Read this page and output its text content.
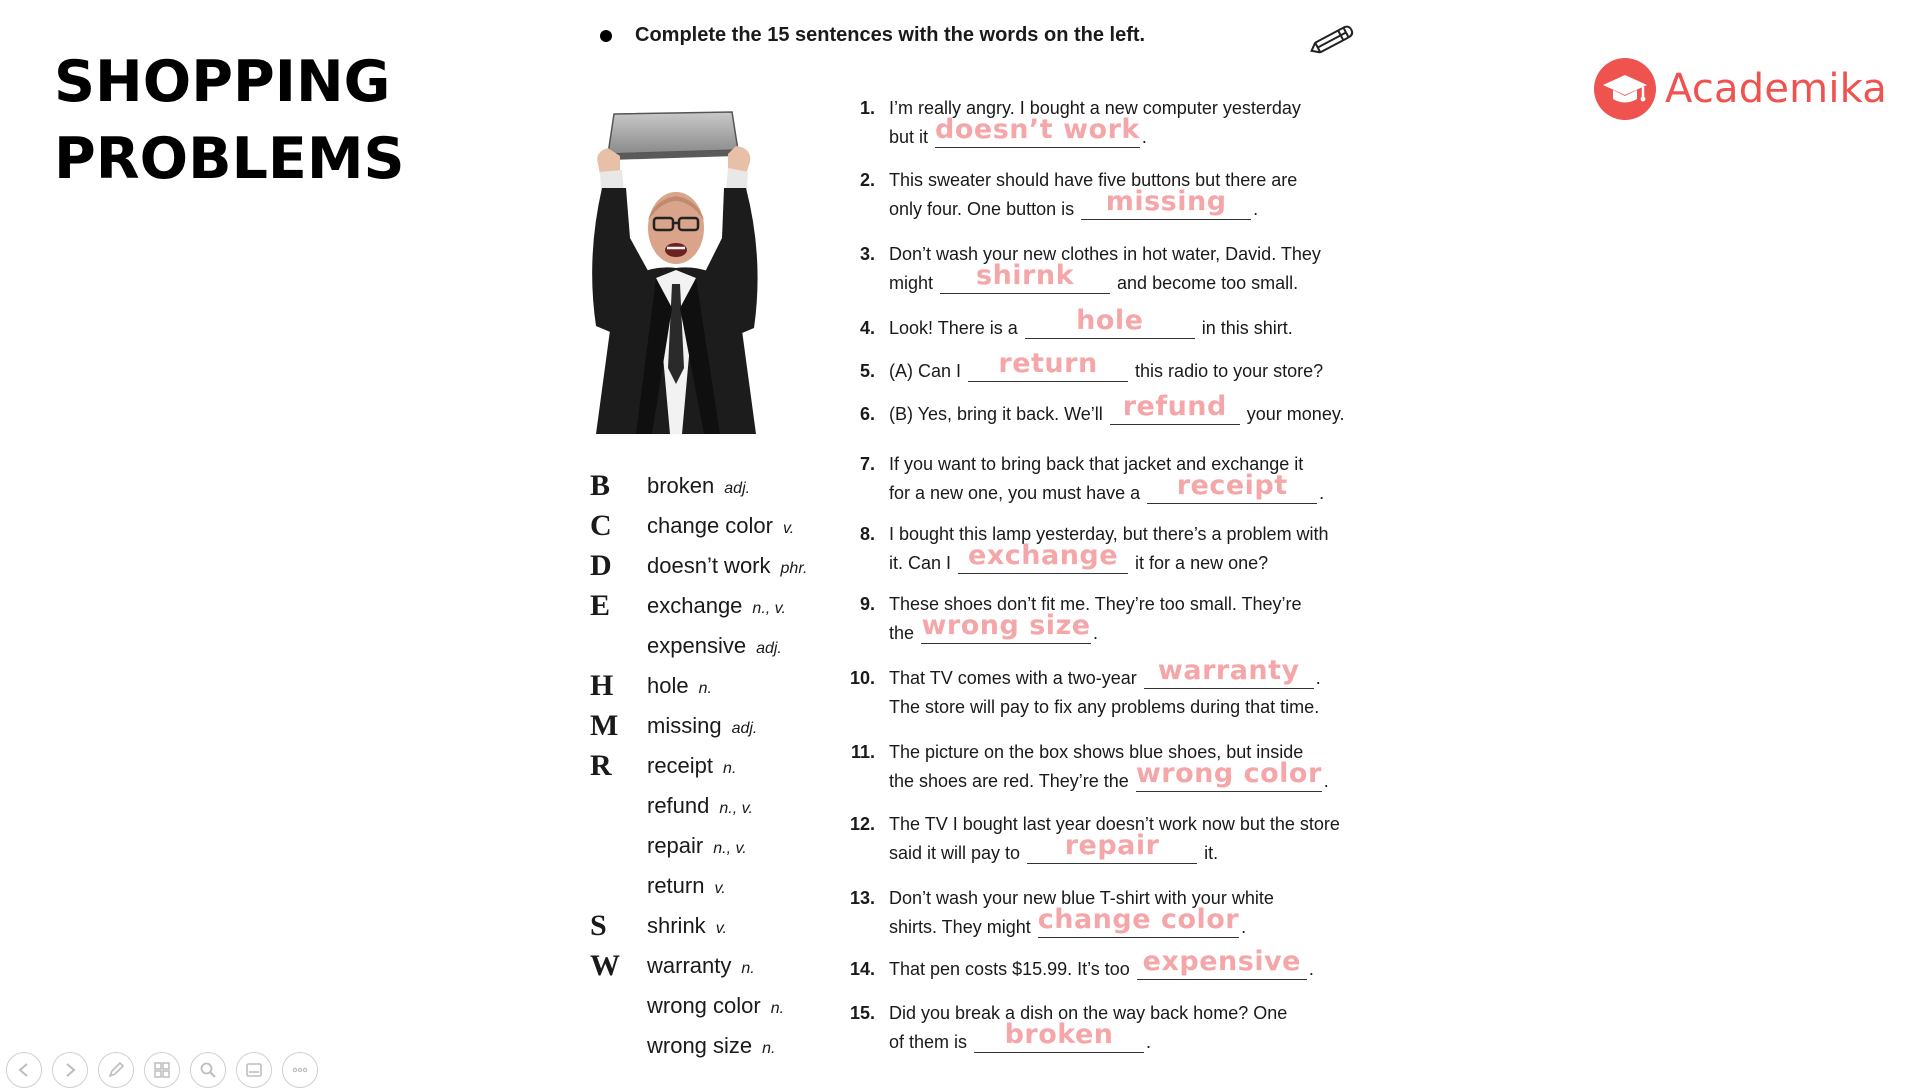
SHOPPING
PROBLEMS
Academika
Complete the 15 sentences with the words on the left.
B	broken adj.
C	change color v.
D	doesn’t work phr.
E	exchange n., v.
expensive adj.
H	hole n.
M missing adj.
R	receipt n.
refund n., v.
repair n., v.
return v.
S	shrink v.
W warranty n.
wrong color n.
wrong size n.
1. I’m really angry. I bought a new computer yesterday
but it doesn’t work .
2. This sweater should have five buttons but there are
only four. One button is missing .
3. Don’t wash your new clothes in hot water, David. They
might shirnk and become too small.
4. Look! There is a hole	in this shirt.
5. (A) Can I return this radio to your store?
6. (B) Yes, bring it back. We’ll refund your money.
7. If you want to bring back that jacket and exchange it
for a new one, you must have a receipt .
8. I bought this lamp yesterday, but there’s a problem with
it. Can I exchange it for a new one?
9. These shoes don’t fit me. They’re too small. They’re
the wrong size .
10. That TV comes with a two-year warranty .
The store will pay to fix any problems during that time.
11. The picture on the box shows blue shoes, but inside
the shoes are red. They’re the wrong color .
12. The TV I bought last year doesn’t work now but the store
said it will pay to repair it.
13. Don’t wash your new blue T-shirt with your white
shirts. They might change color .
14. That pen costs $15.99. It’s too expensive .
15. Did you break a dish on the way back home? One
of them is broken .
